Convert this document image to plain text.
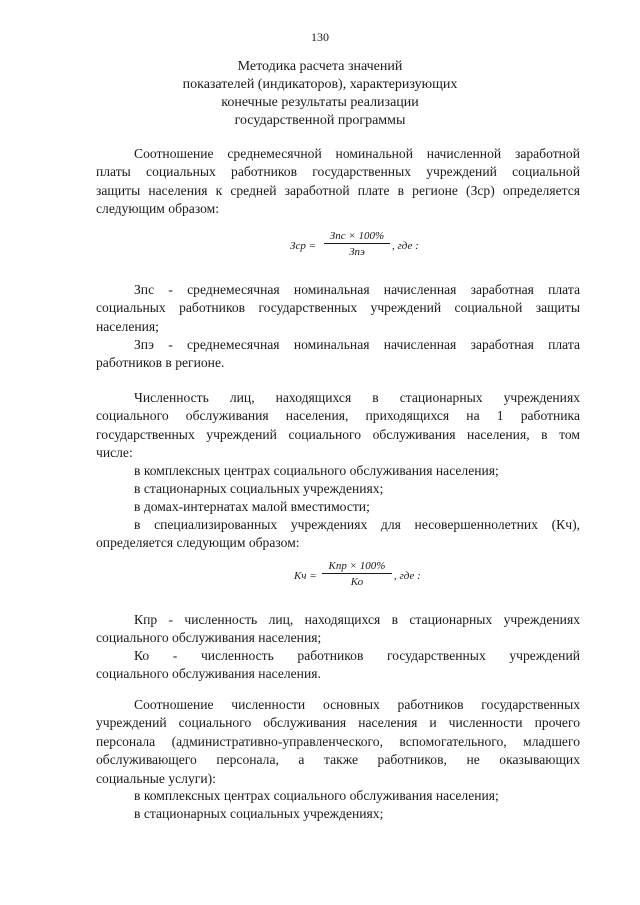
130
Методика расчета значений
показателей (индикаторов), характеризующих
конечные результаты реализации
государственной программы
Соотношение среднемесячной номинальной начисленной заработной
платы социальных работников государственных учреждений социальной
защиты населения к средней заработной плате в регионе (Зср) определяется
следующим образом:
Зср =
Зпс × 100%
Зпэ	, где :
Зпс - среднемесячная номинальная начисленная заработная плата
социальных работников государственных учреждений социальной защиты
населения;
Зпэ - среднемесячная номинальная начисленная заработная плата
работников в регионе.
Численность лиц, находящихся в стационарных учреждениях
социального обслуживания населения, приходящихся на 1 работника
государственных учреждений социального обслуживания населения, в том
числе:
в комплексных центрах социального обслуживания населения;
в стационарных социальных учреждениях;
в домах-интернатах малой вместимости;
в специализированных учреждениях для несовершеннолетних (Кч),
определяется следующим образом:
Кч =
Кпр × 100%
Ко	, где :
Кпр - численность лиц, находящихся в стационарных учреждениях
социального обслуживания населения;
Ко - численность работников государственных учреждений
социального обслуживания населения.
Соотношение численности основных работников государственных
учреждений социального обслуживания населения и численности прочего
персонала (административно-управленческого, вспомогательного, младшего
обслуживающего персонала, а также работников, не оказывающих
социальные услуги):
в комплексных центрах социального обслуживания населения;
в стационарных социальных учреждениях;
